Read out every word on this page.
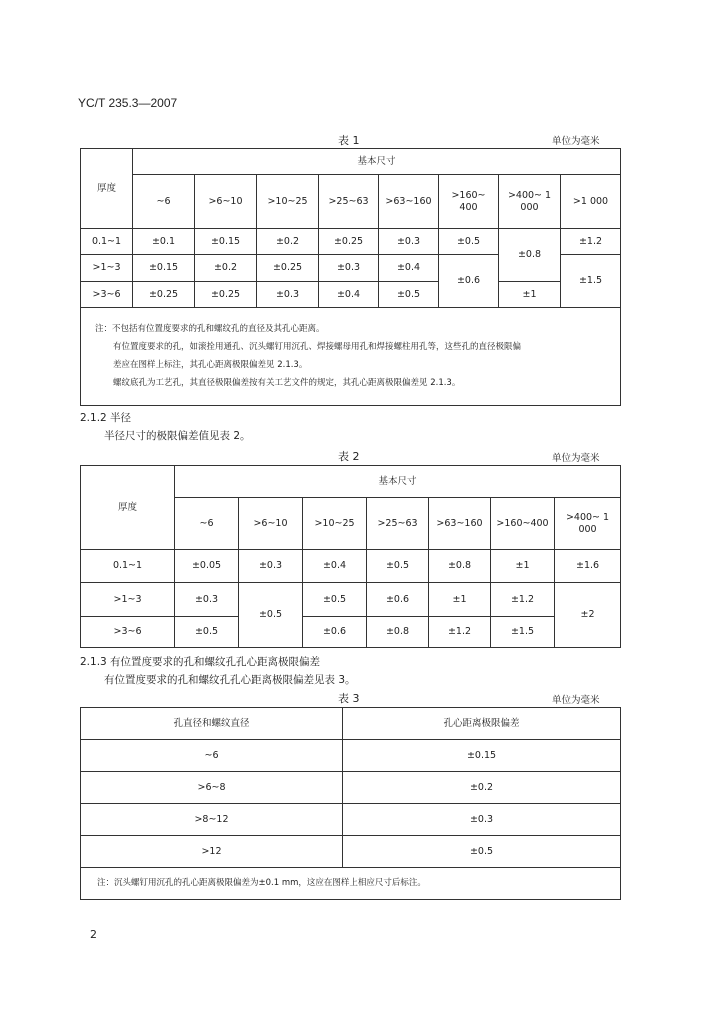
YC/T 235.3—2007
表 1	单位为毫米
厚度	基本尺寸							
	~6	>6~10	>10~25	>25~63	>63~160	>160~ 400	>400~ 1 000	>1 000
0.1~1	±0.1	±0.15	±0.2	±0.25	±0.3	±0.5	±0.8	±1.2
>1~3	±0.15	±0.2	±0.25	±0.3	±0.4	±0.6		±1.5
>3~6	±0.25	±0.25	±0.3	±0.4	±0.5		±1	

注：不包括有位置度要求的孔和螺纹孔的直径及其孔心距离。
有位置度要求的孔，如滚拴用通孔、沉头螺钉用沉孔、焊接螺母用孔和焊接螺柱用孔等，这些孔的直径极限偏
差应在图样上标注，其孔心距离极限偏差见 2.1.3。
螺纹底孔为工艺孔，其直径极限偏差按有关工艺文件的规定，其孔心距离极限偏差见 2.1.3。								
2.1.2 半径
半径尺寸的极限偏差值见表 2。
表 2	单位为毫米
厚度	基本尺寸						
	~6	>6~10	>10~25	>25~63	>63~160	>160~400	>400~ 1 000
0.1~1	±0.05	±0.3	±0.4	±0.5	±0.8	±1	±1.6
>1~3	±0.3	±0.5	±0.5	±0.6	±1	±1.2	±2
>3~6	±0.5		±0.6	±0.8	±1.2	±1.5	
2.1.3 有位置度要求的孔和螺纹孔孔心距离极限偏差
有位置度要求的孔和螺纹孔孔心距离极限偏差见表 3。
表 3	单位为毫米
孔直径和螺纹直径	孔心距离极限偏差
~6	±0.15
>6~8	±0.2
>8~12	±0.3
>12	±0.5
注：沉头螺钉用沉孔的孔心距离极限偏差为±0.1 mm，这应在图样上相应尺寸后标注。	
2
